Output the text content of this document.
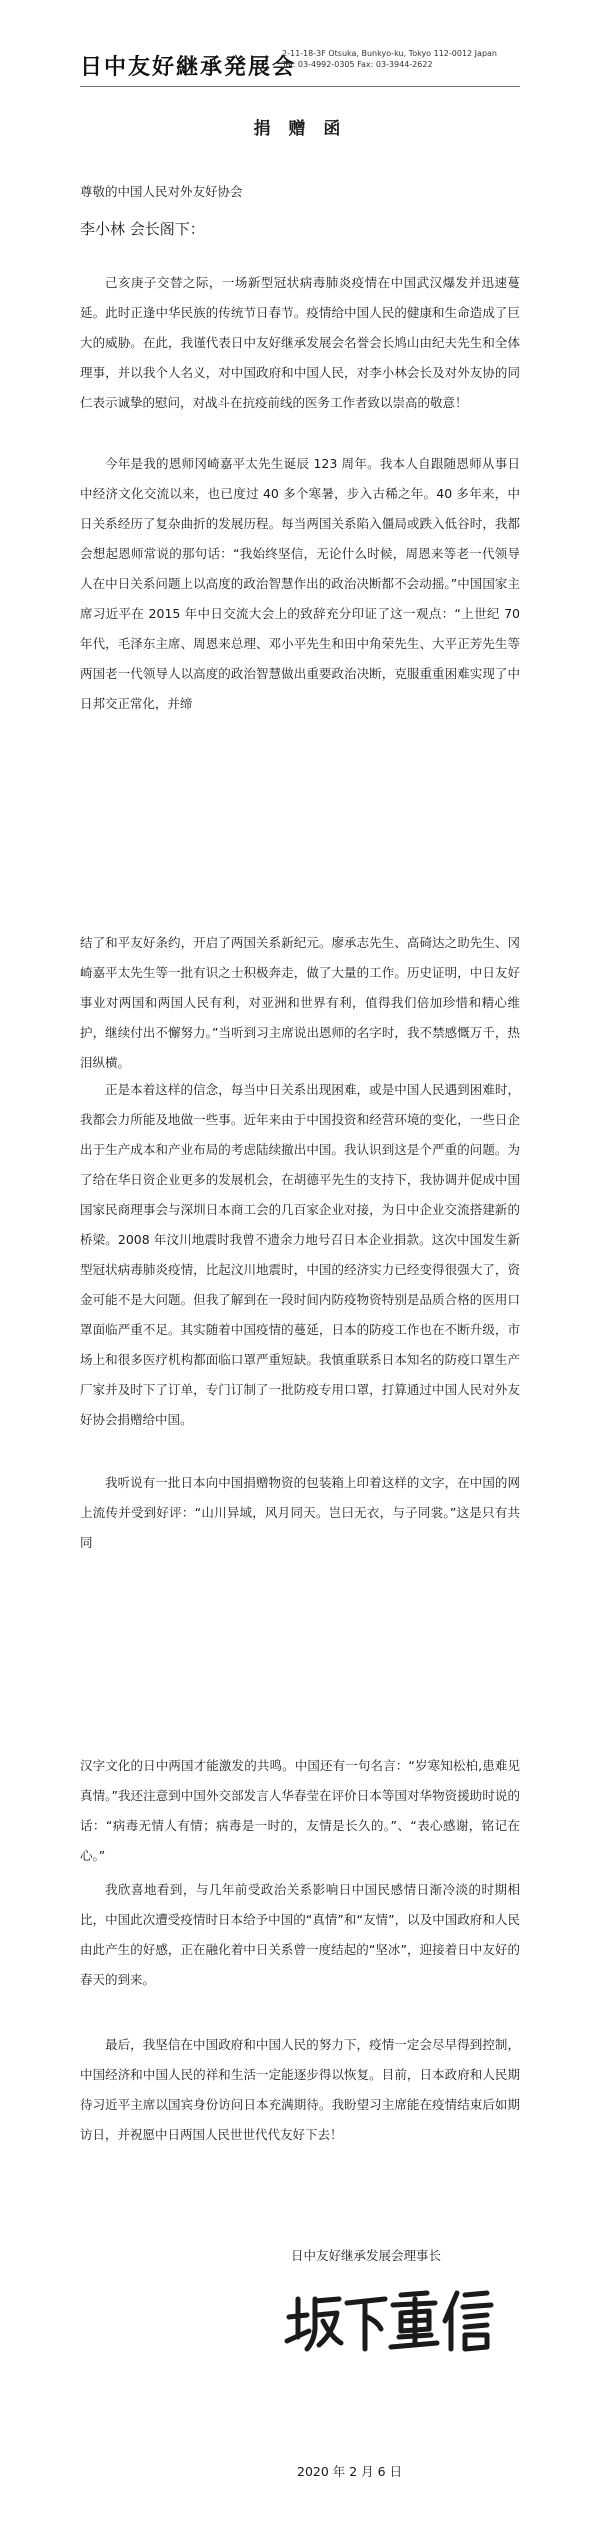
日中友好継承発展会
2-11-18-3F Otsuka, Bunkyo-ku, Tokyo 112-0012 Japan
Tel: 03-4992-0305 Fax: 03-3944-2622
捐 赠 函
尊敬的中国人民对外友好协会
李小林 会长阁下：

己亥庚子交替之际，一场新型冠状病毒肺炎疫情在中国武汉爆发并迅速蔓延。此时正逢中华民族的传统节日春节。疫情给中国人民的健康和生命造成了巨大的威胁。在此，我谨代表日中友好继承发展会名誉会长鸠山由纪夫先生和全体理事，并以我个人名义，对中国政府和中国人民，对李小林会长及对外友协的同仁表示诚挚的慰问，对战斗在抗疫前线的医务工作者致以崇高的敬意！

今年是我的恩师冈崎嘉平太先生诞辰 123 周年。我本人自跟随恩师从事日中经济文化交流以来，也已度过 40 多个寒暑，步入古稀之年。40 多年来，中日关系经历了复杂曲折的发展历程。每当两国关系陷入僵局或跌入低谷时，我都会想起恩师常说的那句话：“我始终坚信，无论什么时候，周恩来等老一代领导人在中日关系问题上以高度的政治智慧作出的政治决断都不会动摇。”中国国家主席习近平在 2015 年中日交流大会上的致辞充分印证了这一观点：“上世纪 70 年代，毛泽东主席、周恩来总理、邓小平先生和田中角荣先生、大平正芳先生等两国老一代领导人以高度的政治智慧做出重要政治决断，克服重重困难实现了中日邦交正常化，并缔

结了和平友好条约，开启了两国关系新纪元。廖承志先生、高碕达之助先生、冈崎嘉平太先生等一批有识之士积极奔走，做了大量的工作。历史证明，中日友好事业对两国和两国人民有利，对亚洲和世界有利，值得我们倍加珍惜和精心维护，继续付出不懈努力。”当听到习主席说出恩师的名字时，我不禁感慨万千，热泪纵横。

正是本着这样的信念，每当中日关系出现困难，或是中国人民遇到困难时，我都会力所能及地做一些事。近年来由于中国投资和经营环境的变化，一些日企出于生产成本和产业布局的考虑陆续撤出中国。我认识到这是个严重的问题。为了给在华日资企业更多的发展机会，在胡德平先生的支持下，我协调并促成中国国家民商理事会与深圳日本商工会的几百家企业对接，为日中企业交流搭建新的桥梁。2008 年汶川地震时我曾不遗余力地号召日本企业捐款。这次中国发生新型冠状病毒肺炎疫情，比起汶川地震时，中国的经济实力已经变得很强大了，资金可能不是大问题。但我了解到在一段时间内防疫物资特别是品质合格的医用口罩面临严重不足。其实随着中国疫情的蔓延，日本的防疫工作也在不断升级，市场上和很多医疗机构都面临口罩严重短缺。我慎重联系日本知名的防疫口罩生产厂家并及时下了订单，专门订制了一批防疫专用口罩，打算通过中国人民对外友好协会捐赠给中国。

我听说有一批日本向中国捐赠物资的包装箱上印着这样的文字，在中国的网上流传并受到好评：“山川异域，风月同天。岂曰无衣，与子同裳。”这是只有共同

汉字文化的日中两国才能激发的共鸣。中国还有一句名言：“岁寒知松柏,患难见真情。”我还注意到中国外交部发言人华春莹在评价日本等国对华物资援助时说的话：“病毒无情人有情；病毒是一时的，友情是长久的。”、“表心感谢，铭记在心。”

我欣喜地看到，与几年前受政治关系影响日中国民感情日渐冷淡的时期相比，中国此次遭受疫情时日本给予中国的“真情”和“友情”，以及中国政府和人民由此产生的好感，正在融化着中日关系曾一度结起的“坚冰”，迎接着日中友好的春天的到来。

最后，我坚信在中国政府和中国人民的努力下，疫情一定会尽早得到控制，中国经济和中国人民的祥和生活一定能逐步得以恢复。目前，日本政府和人民期待习近平主席以国宾身份访问日本充满期待。我盼望习主席能在疫情结束后如期访日，并祝愿中日两国人民世世代代友好下去！

日中友好继承发展会理事长
2020 年 2 月 6 日
